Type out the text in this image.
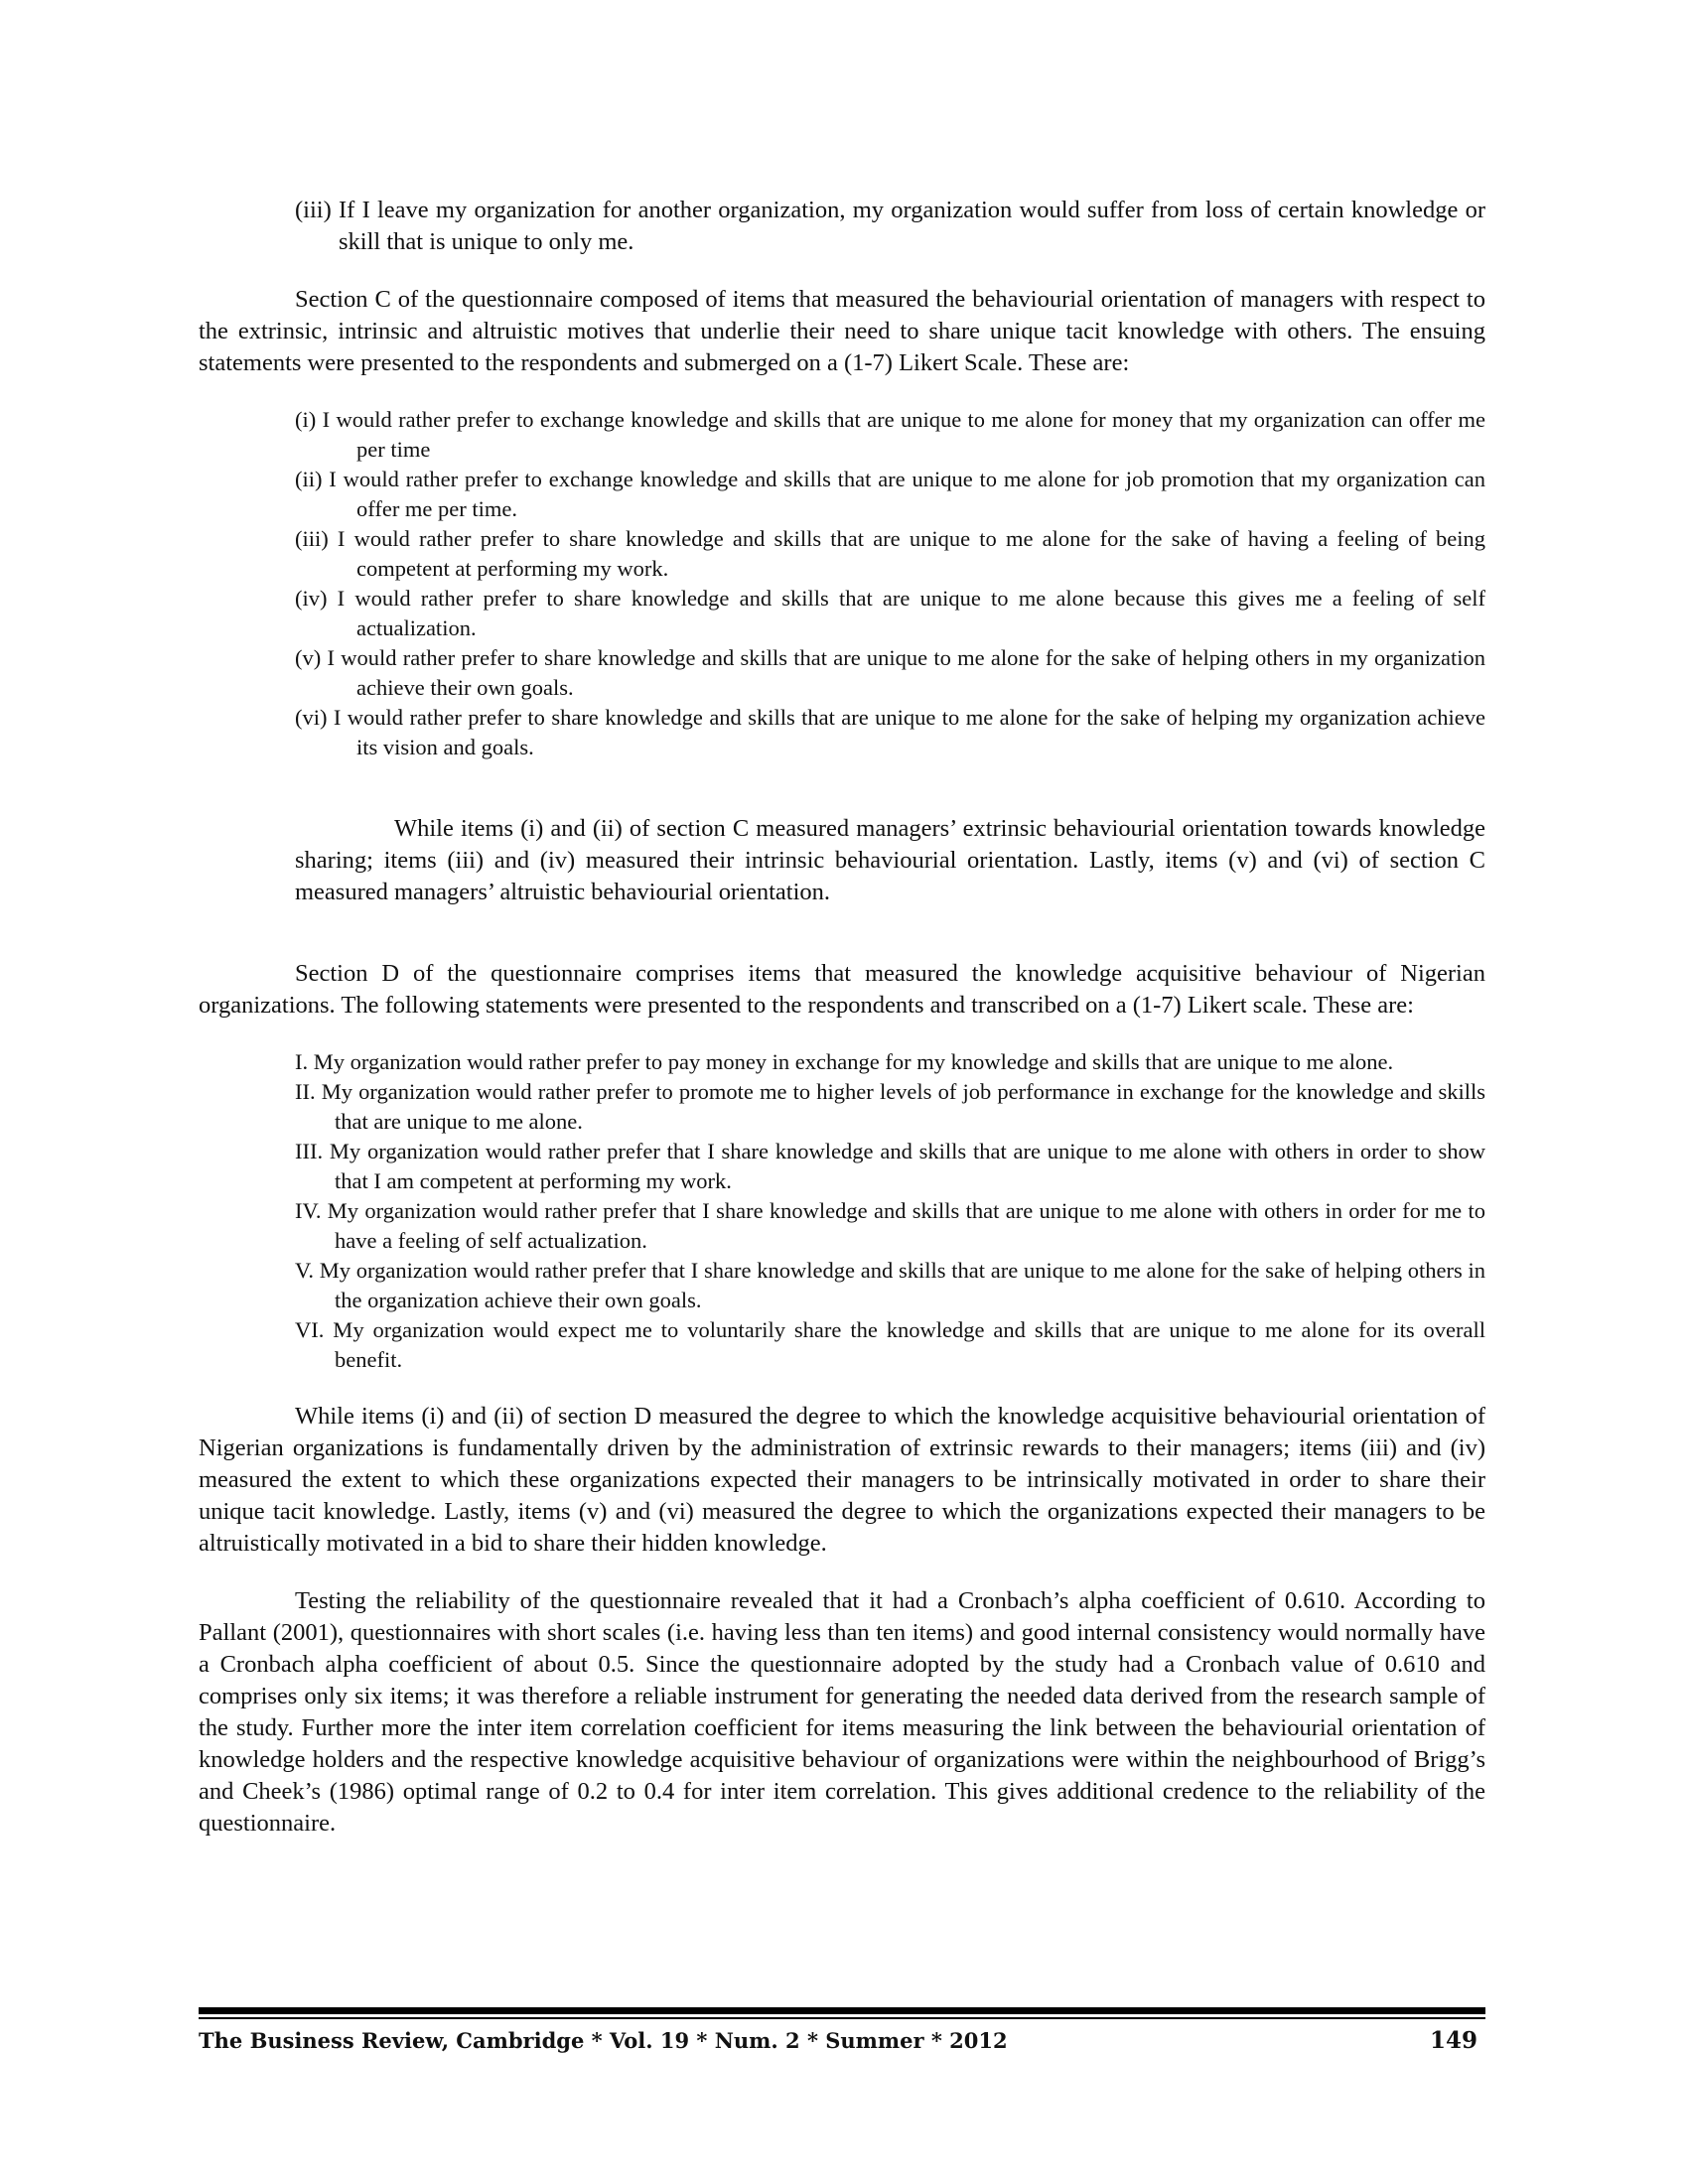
(iii) If I leave my organization for another organization, my organization would suffer from loss of certain knowledge or skill that is unique to only me.

Section C of the questionnaire composed of items that measured the behaviourial orientation of managers with respect to the extrinsic, intrinsic and altruistic motives that underlie their need to share unique tacit knowledge with others. The ensuing statements were presented to the respondents and submerged on a (1-7) Likert Scale. These are:

(i) I would rather prefer to exchange knowledge and skills that are unique to me alone for money that my organization can offer me per time
(ii) I would rather prefer to exchange knowledge and skills that are unique to me alone for job promotion that my organization can offer me per time.
(iii) I would rather prefer to share knowledge and skills that are unique to me alone for the sake of having a feeling of being competent at performing my work.
(iv) I would rather prefer to share knowledge and skills that are unique to me alone because this gives me a feeling of self actualization.
(v) I would rather prefer to share knowledge and skills that are unique to me alone for the sake of helping others in my organization achieve their own goals.
(vi) I would rather prefer to share knowledge and skills that are unique to me alone for the sake of helping my organization achieve its vision and goals.

While items (i) and (ii) of section C measured managers’ extrinsic behaviourial orientation towards knowledge sharing; items (iii) and (iv) measured their intrinsic behaviourial orientation. Lastly, items (v) and (vi) of section C measured managers’ altruistic behaviourial orientation.

Section D of the questionnaire comprises items that measured the knowledge acquisitive behaviour of Nigerian organizations. The following statements were presented to the respondents and transcribed on a (1-7) Likert scale. These are:

I. My organization would rather prefer to pay money in exchange for my knowledge and skills that are unique to me alone.
II. My organization would rather prefer to promote me to higher levels of job performance in exchange for the knowledge and skills that are unique to me alone.
III. My organization would rather prefer that I share knowledge and skills that are unique to me alone with others in order to show that I am competent at performing my work.
IV. My organization would rather prefer that I share knowledge and skills that are unique to me alone with others in order for me to have a feeling of self actualization.
V. My organization would rather prefer that I share knowledge and skills that are unique to me alone for the sake of helping others in the organization achieve their own goals.
VI. My organization would expect me to voluntarily share the knowledge and skills that are unique to me alone for its overall benefit.

While items (i) and (ii) of section D measured the degree to which the knowledge acquisitive behaviourial orientation of Nigerian organizations is fundamentally driven by the administration of extrinsic rewards to their managers; items (iii) and (iv) measured the extent to which these organizations expected their managers to be intrinsically motivated in order to share their unique tacit knowledge. Lastly, items (v) and (vi) measured the degree to which the organizations expected their managers to be altruistically motivated in a bid to share their hidden knowledge.

Testing the reliability of the questionnaire revealed that it had a Cronbach’s alpha coefficient of 0.610. According to Pallant (2001), questionnaires with short scales (i.e. having less than ten items) and good internal consistency would normally have a Cronbach alpha coefficient of about 0.5. Since the questionnaire adopted by the study had a Cronbach value of 0.610 and comprises only six items; it was therefore a reliable instrument for generating the needed data derived from the research sample of the study. Further more the inter item correlation coefficient for items measuring the link between the behaviourial orientation of knowledge holders and the respective knowledge acquisitive behaviour of organizations were within the neighbourhood of Brigg’s and Cheek’s (1986) optimal range of 0.2 to 0.4 for inter item correlation. This gives additional credence to the reliability of the questionnaire.

The Business Review, Cambridge * Vol. 19 * Num. 2 * Summer * 2012	149
